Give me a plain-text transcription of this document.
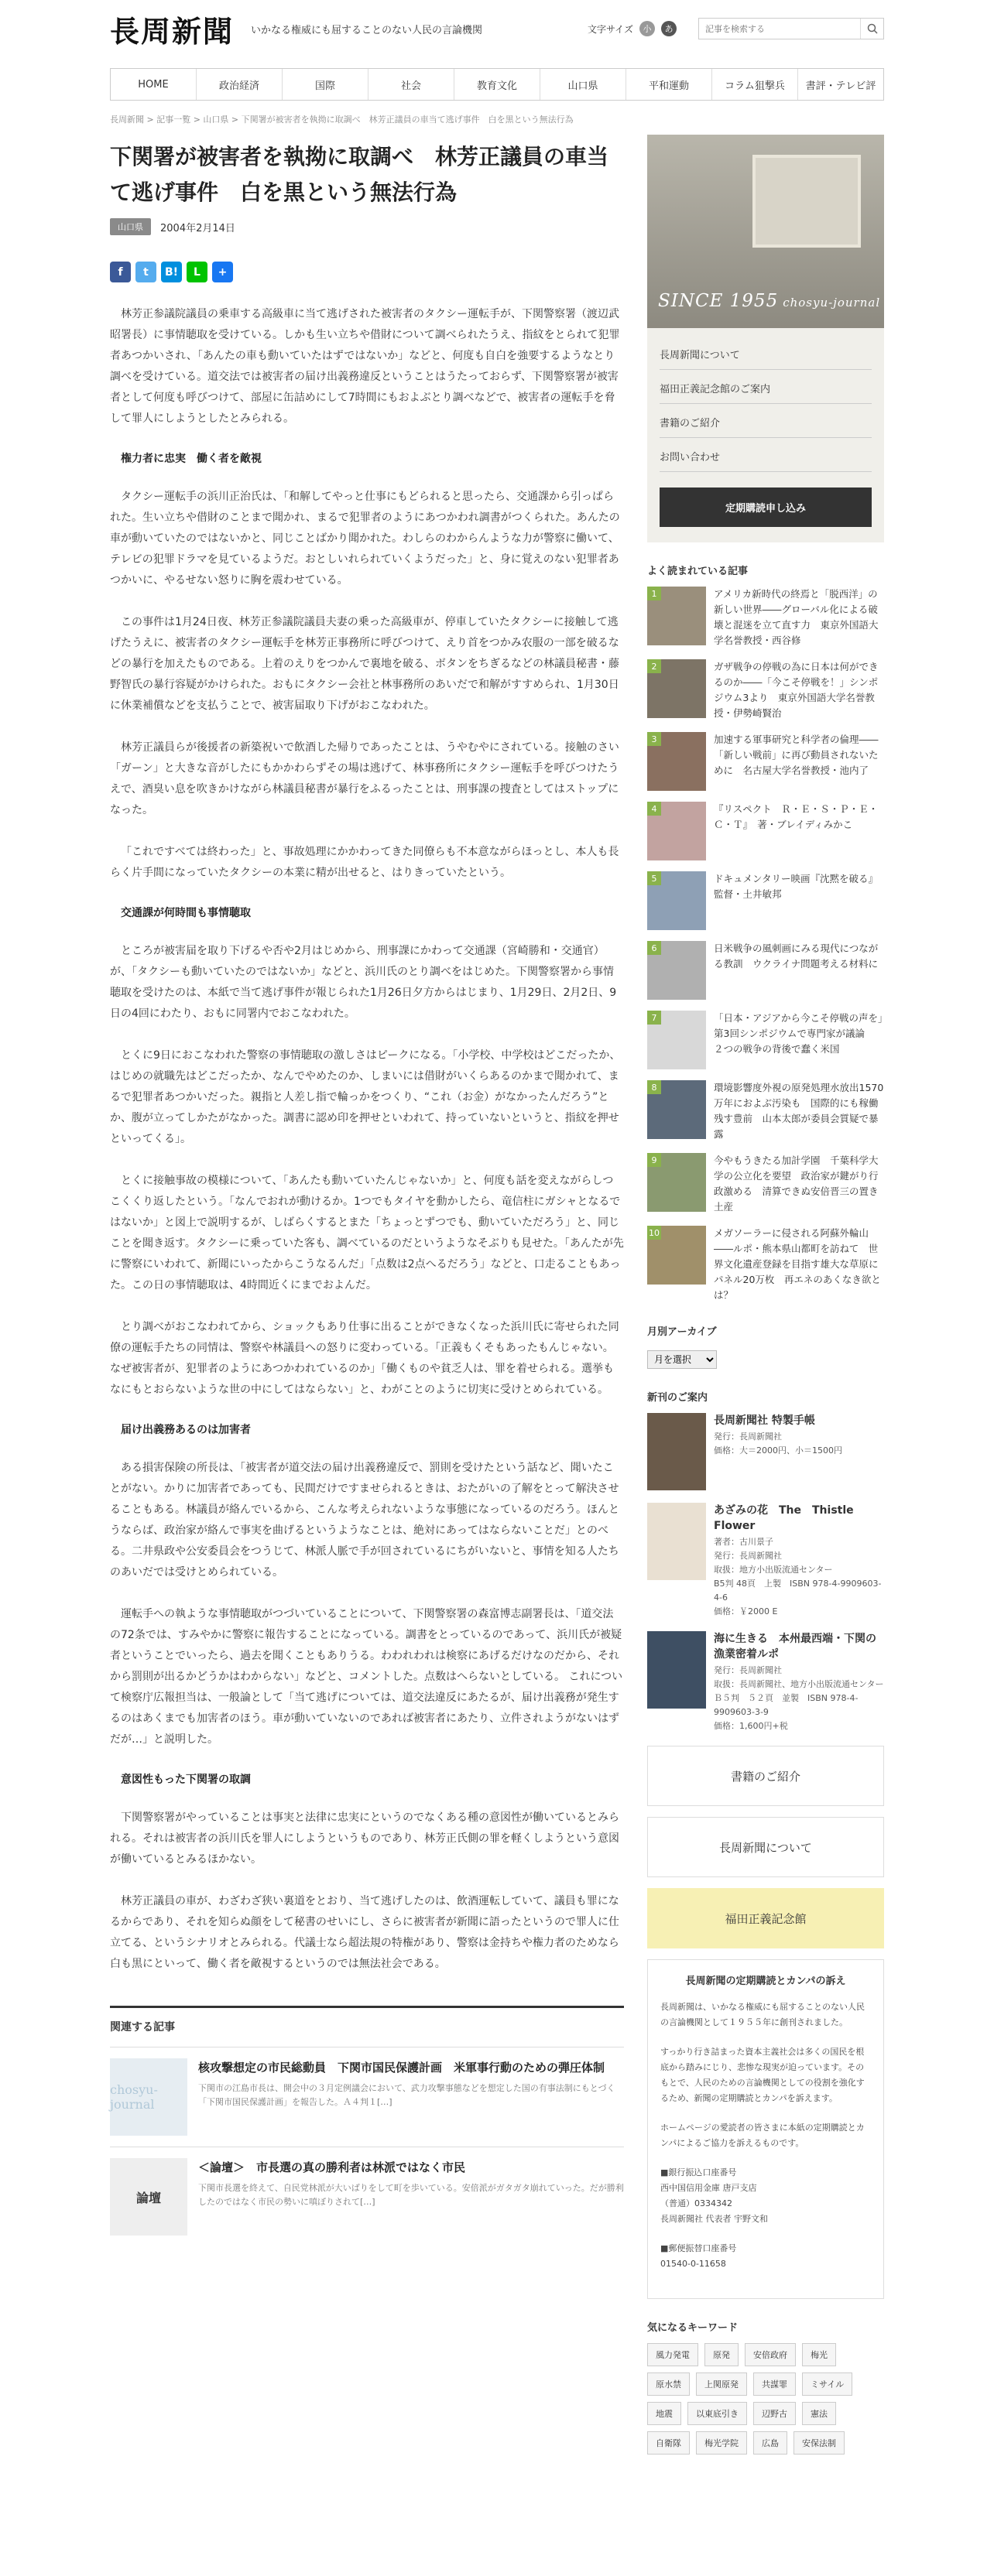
長周新聞 いかなる権威にも屈することのない人民の言論機関	文字サイズ	小	あ
記事を検索する
HOME	政治経済	国際	社会	教育文化	山口県	平和運動	コラム狙撃兵	書評・テレビ評
長周新聞 > 記事一覧 > 山口県 > 下関署が被害者を執拗に取調べ　林芳正議員の車当て逃げ事件　白を黒という無法行為
下関署が被害者を執拗に取調べ　林芳正議員の車当て逃げ事件　白を黒という無法行為
山口県	2004年2月14日
f	t	B!	L	+

林芳正参議院議員の乗車する高級車に当て逃げされた被害者のタクシー運転手が、下関警察署（渡辺武昭署長）に事情聴取を受けている。しかも生い立ちや借財について調べられたうえ、指紋をとられて犯罪者あつかいされ、「あんたの車も動いていたはずではないか」などと、何度も自白を強要するようなとり調べを受けている。道交法では被害者の届け出義務違反ということはうたっておらず、下関警察署が被害者として何度も呼びつけて、部屋に缶詰めにして7時間にもおよぶとり調べなどで、被害者の運転手を脅して罪人にしようとしたとみられる。

権力者に忠実　働く者を敵視

タクシー運転手の浜川正治氏は、「和解してやっと仕事にもどられると思ったら、交通課から引っぱられた。生い立ちや借財のことまで聞かれ、まるで犯罪者のようにあつかわれ調書がつくられた。あんたの車が動いていたのではないかと、同じことばかり聞かれた。わしらのわからんような力が警察に働いて、テレビの犯罪ドラマを見ているようだ。おとしいれられていくようだった」と、身に覚えのない犯罪者あつかいに、やるせない怒りに胸を震わせている。

この事件は1月24日夜、林芳正参議院議員夫妻の乗った高級車が、停車していたタクシーに接触して逃げたうえに、被害者のタクシー運転手を林芳正事務所に呼びつけて、えり首をつかみ农服の一部を破るなどの暴行を加えたものである。上着のえりをつかんで裏地を破る、ボタンをちぎるなどの林議員秘書・藤野智氏の暴行容疑がかけられた。おもにタクシー会社と林事務所のあいだで和解がすすめられ、1月30日に休業補償などを支払うことで、被害届取り下げがおこなわれた。

林芳正議員らが後援者の新築祝いで飲酒した帰りであったことは、うやむやにされている。接触のさい「ガーン」と大きな音がしたにもかかわらずその場は逃げて、林事務所にタクシー運転手を呼びつけたうえで、酒臭い息を吹きかけながら林議員秘書が暴行をふるったことは、刑事課の捜査としてはストップになった。

「これですべては終わった」と、事故処理にかかわってきた同僚らも不本意ながらほっとし、本人も長らく片手間になっていたタクシーの本業に精が出せると、はりきっていたという。

交通課が何時間も事情聴取

ところが被害届を取り下げるや否や2月はじめから、刑事課にかわって交通課（宮崎勝和・交通官）が、「タクシーも動いていたのではないか」などと、浜川氏のとり調べをはじめた。下関警察署から事情聴取を受けたのは、本紙で当て逃げ事件が報じられた1月26日夕方からはじまり、1月29日、2月2日、9日の4回にわたり、おもに同署内でおこなわれた。

とくに9日におこなわれた警察の事情聴取の激しさはピークになる。「小学校、中学校はどこだったか、はじめの就職先はどこだったか、なんでやめたのか、しまいには借財がいくらあるのかまで聞かれて、まるで犯罪者あつかいだった。親指と人差し指で輪っかをつくり、“これ（お金）がなかったんだろう”とか、腹が立ってしかたがなかった。調書に認め印を押せといわれて、持っていないというと、指紋を押せといってくる」。

とくに接触事故の模様について、「あんたも動いていたんじゃないか」と、何度も話を変えながらしつこくくり返したという。「なんでおれが動けるか。1つでもタイヤを動かしたら、竜信柱にガシャとなるではないか」と図上で説明するが、しばらくするとまた「ちょっとずつでも、動いていただろう」と、同じことを聞き返す。タクシーに乗っていた客も、調べているのだというようなそぶりも見せた。「あんたが先に警察にいわれて、新聞にいったからこうなるんだ」「点数は2点へるだろう」などと、口走ることもあった。この日の事情聴取は、4時間近くにまでおよんだ。

とり調べがおこなわれてから、ショックもあり仕事に出ることができなくなった浜川氏に寄せられた同僚の運転手たちの同情は、警察や林議員への怒りに変わっている。「正義もくそもあったもんじゃない。なぜ被害者が、犯罪者のようにあつかわれているのか」「働くものや貧乏人は、罪を着せられる。選挙もなにもとおらないような世の中にしてはならない」と、わがことのように切実に受けとめられている。

届け出義務あるのは加害者

ある損害保険の所長は、「被害者が道交法の届け出義務違反で、罰則を受けたという話など、聞いたことがない。かりに加害者であっても、民間だけですませられるときは、おたがいの了解をとって解決させることもある。林議員が絡んでいるから、こんな考えられないような事態になっているのだろう。ほんとうならば、政治家が絡んで事実を曲げるというようなことは、絶対にあってはならないことだ」とのべる。二井県政や公安委員会をつうじて、林派人脈で手が回されているにちがいないと、事情を知る人たちのあいだでは受けとめられている。

運転手への執ような事情聴取がつづいていることについて、下関警察署の森富博志副署長は、「道交法の72条では、すみやかに警察に報告することになっている。調書をとっているのであって、浜川氏が被疑者ということでいったら、過去を聞くこともありうる。わわれわれは検察にあげるだけなのだから、それから罰則が出るかどうかはわからない」などと、コメントした。点数はへらないとしている。 これについて検察庁広報担当は、一般論として「当て逃げについては、道交法違反にあたるが、届け出義務が発生するのはあくまでも加害者のほう。車が動いていないのであれば被害者にあたり、立件されようがないはずだが…」と説明した。

意図性もった下関署の取調

下関警察署がやっていることは事実と法律に忠実にというのでなくある種の意図性が働いているとみられる。それは被害者の浜川氏を罪人にしようというものであり、林芳正氏側の罪を軽くしようという意図が働いているとみるほかない。

林芳正議員の車が、わざわざ狭い裏道をとおり、当て逃げしたのは、飲酒運転していて、議員も罪になるからであり、それを知らぬ顔をして秘書のせいにし、さらに被害者が新聞に語ったというので罪人に仕立てる、というシナリオとみられる。代議士なら超法規の特権があり、警察は金持ちや権力者のためなら白も黒にといって、働く者を敵視するというのでは無法社会である。

関連する記事
chosyu-journal
核攻撃想定の市民総動員　下関市国民保護計画　米軍事行動のための弾圧体制
下関市の江島市長は、開会中の３月定例議会において、武力攻撃事態などを想定した国の有事法制にもとづく「下関市国民保護計画」を報告した。Ａ４判１[…]
論壇
＜論壇＞　市長選の真の勝利者は林派ではなく市民
下関市長選を終えて、自民党林派が大いばりをして町を歩いている。安倍派がガタガタ崩れていった。だが勝利したのではなく市民の勢いに嗔ぼりされて[…]
SINCE 1955 chosyu-journal
長周新聞について
福田正義記念館のご案内
書籍のご紹介
お問い合わせ
定期購読申し込み
よく読まれている記事
1	アメリカ新時代の終焉と「脱西洋」の新しい世界――グローバル化による破壊と混迷を立て直す力　東京外国語大学名誉教授・西谷修
2	ガザ戦争の停戦の為に日本は何ができるのか――「今こそ停戦を！」シンポジウム3より　東京外国語大学名誉教授・伊勢崎賢治
3	加速する軍事研究と科学者の倫理――「新しい戦前」に再び動員されないために　名古屋大学名誉教授・池内了
4	『リスペクト　Ｒ・Ｅ・Ｓ・Ｐ・Ｅ・Ｃ・Ｔ』　著・ブレイディみかこ
5	ドキュメンタリー映画『沈黙を破る』　監督・土井敏邦
6	日米戦争の風刺画にみる現代につながる教訓　ウクライナ問題考える材料に
7	「日本・アジアから今こそ停戦の声を」　第3回シンポジウムで専門家が議論　２つの戦争の背後で蠢く米国
8	環境影響度外視の原発処理水放出1570万年におよぶ汚染も　国際的にも稼働残す豊前　山本太郎が委員会質疑で暴露
9	今やもうきたる加計学園　千葉科学大学の公立化を要望　政治家が鍵がり行政激める　清算できぬ安倍晋三の置き土産
10	メガソーラーに侵される阿蘇外輪山――ルポ・熊本県山都町を訪ねて　世界文化遺産登録を目指す雄大な草原にパネル20万枚　再エネのあくなき欲とは？
月別アーカイブ
月を選択
新刊のご案内
長周新聞社 特製手帳
発行：長周新聞社
価格：大＝2000円、小＝1500円
あざみの花　The　Thistle Flower
著者：古川景子
発行：長周新聞社
取扱：地方小出版流通センター
B5判 48頁　上製　ISBN 978-4-9909603-4-6
価格：￥2000 E
海に生きる　本州最西端・下関の漁業密着ルポ
発行：長周新聞社
取扱：長周新聞社、地方小出版流通センター
Ｂ５判　５２頁　並製　ISBN 978-4-9909603-3-9
価格：1,600円+税
書籍のご紹介
長周新聞について
福田正義記念館
長周新聞の定期購読とカンパの訴え

長周新聞は、いかなる権威にも屈することのない人民の言論機関として１９５５年に創刊されました。

すっかり行き詰まった資本主義社会は多くの国民を根底から踏みにじり、悲惨な現実が迫っています。そのもとで、人民のための言論機関としての役割を強化するため、新聞の定期購読とカンパを訴えます。

ホームページの愛読者の皆さまに本紙の定期購読とカンパによるご協力を訴えるものです。

■銀行振込口座番号
西中国信用金庫 唐戸支店
（普通）0334342
長周新聞社 代表者 宇野文和

■郵便振替口座番号
01540-0-11658

気になるキーワード
風力発電	原発	安倍政府	梅光
原水禁	上関原発	共謀罪	ミサイル
地震	以東底引き	辺野古	憲法
自衛隊	梅光学院	広島	安保法制
